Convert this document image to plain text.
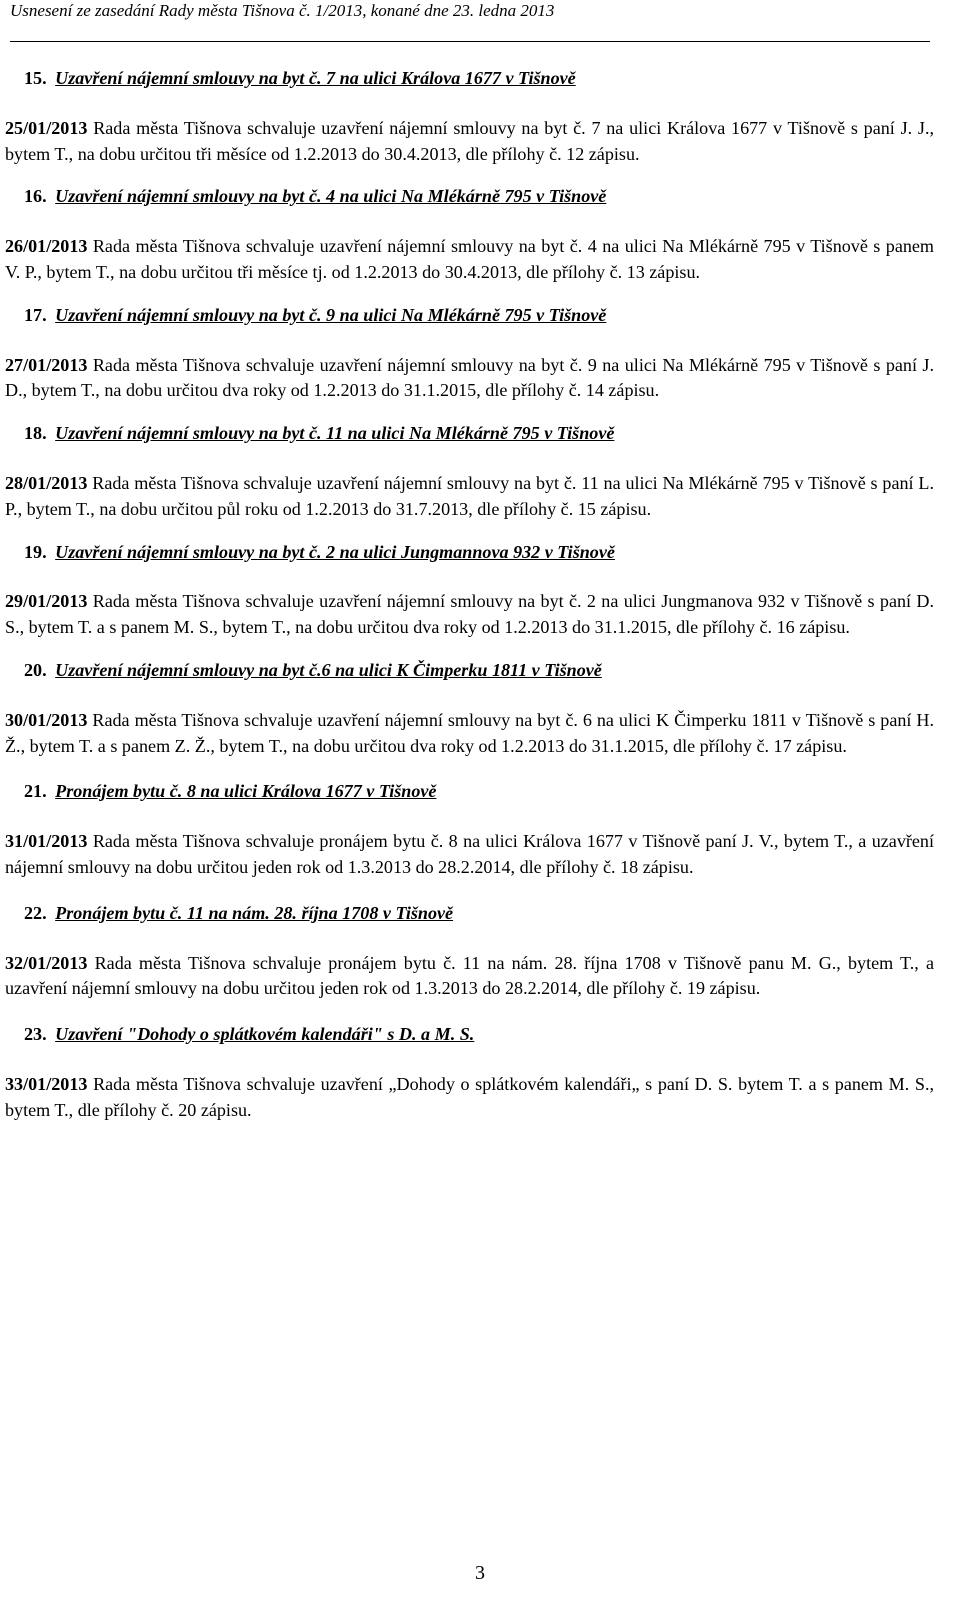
Usnesení ze zasedání Rady města Tišnova č. 1/2013, konané dne 23. ledna 2013

15. Uzavření nájemní smlouvy na byt č. 7 na ulici Králova 1677 v Tišnově

25/01/2013 Rada města Tišnova schvaluje uzavření nájemní smlouvy na byt č. 7 na ulici Králova 1677 v Tišnově s paní J. J., bytem T., na dobu určitou tři měsíce od 1.2.2013 do 30.4.2013, dle přílohy č. 12 zápisu.

16. Uzavření nájemní smlouvy na byt č. 4 na ulici Na Mlékárně 795 v Tišnově

26/01/2013 Rada města Tišnova schvaluje uzavření nájemní smlouvy na byt č. 4 na ulici Na Mlékárně 795 v Tišnově s panem V. P., bytem T., na dobu určitou tři měsíce tj. od 1.2.2013 do 30.4.2013, dle přílohy č. 13 zápisu.

17. Uzavření nájemní smlouvy na byt č. 9 na ulici Na Mlékárně 795 v Tišnově

27/01/2013 Rada města Tišnova schvaluje uzavření nájemní smlouvy na byt č. 9 na ulici Na Mlékárně 795 v Tišnově s paní J. D., bytem T., na dobu určitou dva roky od 1.2.2013 do 31.1.2015, dle přílohy č. 14 zápisu.

18. Uzavření nájemní smlouvy na byt č. 11 na ulici Na Mlékárně 795 v Tišnově

28/01/2013 Rada města Tišnova schvaluje uzavření nájemní smlouvy na byt č. 11 na ulici Na Mlékárně 795 v Tišnově s paní L. P., bytem T., na dobu určitou půl roku od 1.2.2013 do 31.7.2013, dle přílohy č. 15 zápisu.

19. Uzavření nájemní smlouvy na byt č. 2 na ulici Jungmannova 932 v Tišnově

29/01/2013 Rada města Tišnova schvaluje uzavření nájemní smlouvy na byt č. 2 na ulici Jungmanova 932 v Tišnově s paní D. S., bytem T. a s panem M. S., bytem T., na dobu určitou dva roky od 1.2.2013 do 31.1.2015, dle přílohy č. 16 zápisu.

20. Uzavření nájemní smlouvy na byt č.6 na ulici K Čimperku 1811 v Tišnově

30/01/2013 Rada města Tišnova schvaluje uzavření nájemní smlouvy na byt č. 6 na ulici K Čimperku 1811 v Tišnově s paní H. Ž., bytem T. a s panem Z. Ž., bytem T., na dobu určitou dva roky od 1.2.2013 do 31.1.2015, dle přílohy č. 17 zápisu.

21. Pronájem bytu č. 8 na ulici Králova 1677 v Tišnově

31/01/2013 Rada města Tišnova schvaluje pronájem bytu č. 8 na ulici Králova 1677 v Tišnově paní J. V., bytem T., a uzavření nájemní smlouvy na dobu určitou jeden rok od 1.3.2013 do 28.2.2014, dle přílohy č. 18 zápisu.

22. Pronájem bytu č. 11 na nám. 28. října 1708 v Tišnově

32/01/2013 Rada města Tišnova schvaluje pronájem bytu č. 11 na nám. 28. října 1708 v Tišnově panu M. G., bytem T., a uzavření nájemní smlouvy na dobu určitou jeden rok od 1.3.2013 do 28.2.2014, dle přílohy č. 19 zápisu.

23. Uzavření "Dohody o splátkovém kalendáři" s D. a M. S.

33/01/2013 Rada města Tišnova schvaluje uzavření „Dohody o splátkovém kalendáři„ s paní D. S. bytem T. a s panem M. S., bytem T., dle přílohy č. 20 zápisu.

3
